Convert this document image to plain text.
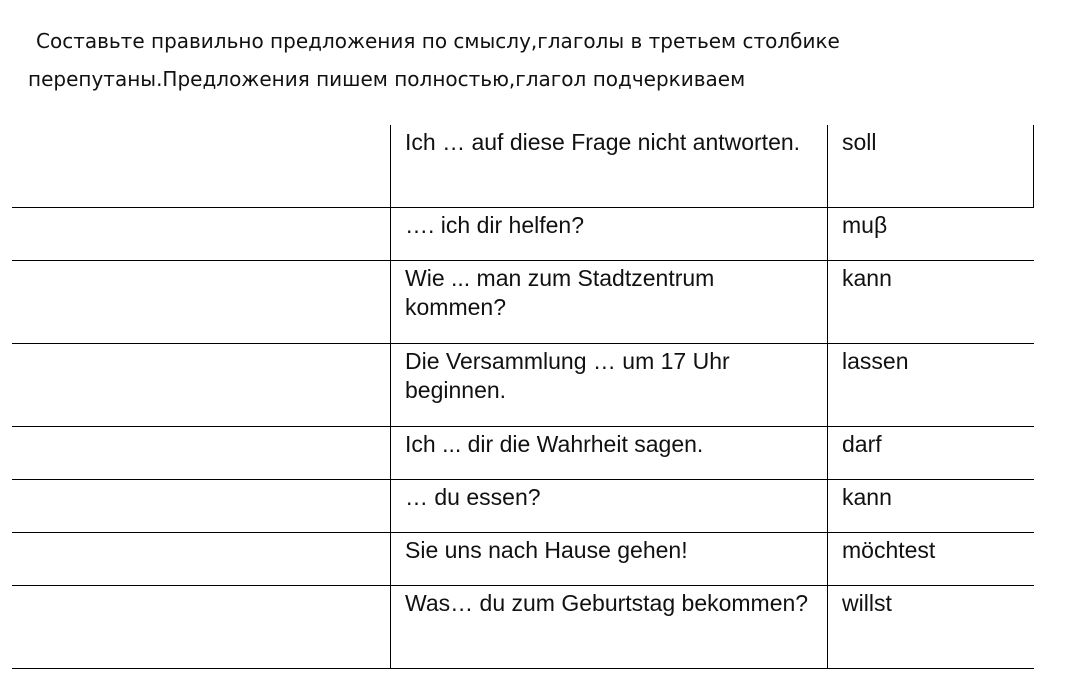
Составьте правильно предложения по смыслу,глаголы в третьем столбике
перепутаны.Предложения пишем полностью,глагол подчеркиваем

	Ich … auf diese Frage nicht antworten.	soll
	…. ich dir helfen?	muβ
	Wie ... man zum Stadtzentrum kommen?	kann
	Die Versammlung … um 17 Uhr beginnen.	lassen
	Ich ... dir die Wahrheit sagen.	darf
	… du essen?	kann
	Sie uns nach Hause gehen!	möchtest
	Was… du zum Geburtstag bekommen?	willst
